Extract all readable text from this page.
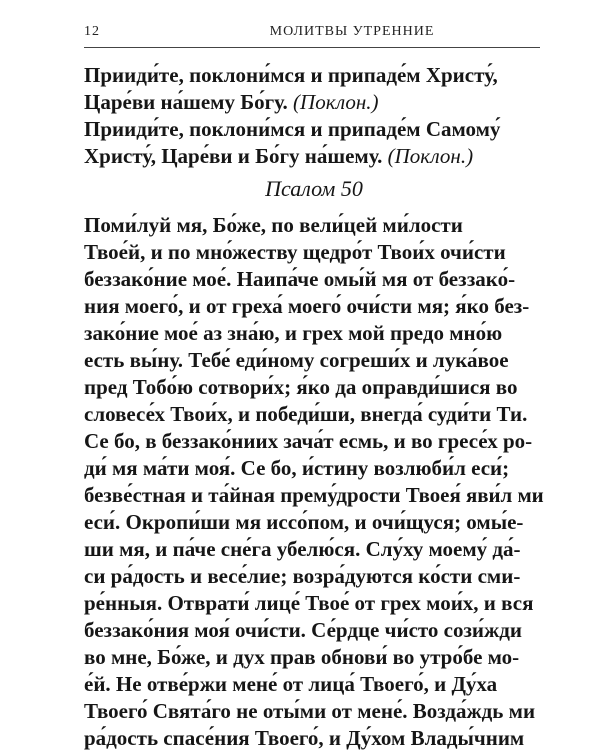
12	МОЛИТВЫ УТРЕННИЕ
Прииди́те, поклони́мся и припаде́м Христу́,
Царе́ви на́шему Бо́гу. (Поклон.)
Прииди́те, поклони́мся и припаде́м Самому́
Христу́, Царе́ви и Бо́гу на́шему. (Поклон.)
Псалом 50
Поми́луй мя, Бо́же, по вели́цей ми́лости
Твое́й, и по мно́жеству щедро́т Твои́х очи́сти
беззако́ние мое́. Наипа́че омы́й мя от беззако́-
ния моего́, и от греха́ моего́ очи́сти мя; я́ко без-
зако́ние мое́ аз зна́ю, и грех мой предо мно́ю
есть вы́ну. Тебе́ еди́ному согреши́х и лука́вое
пред Тобо́ю сотвори́х; я́ко да оправди́шися во
словесе́х Твои́х, и победи́ши, внегда́ суди́ти Ти.
Се бо, в беззако́ниих зача́т есмь, и во гресе́х ро-
ди́ мя ма́ти моя́. Се бо, и́стину возлюби́л еси́;
безве́стная и та́йная прему́дрости Твоея́ яви́л ми
еси́. Окропи́ши мя иссо́пом, и очи́щуся; омы́е-
ши мя, и па́че сне́га убелю́ся. Слу́ху моему́ да́-
си ра́дость и весе́лие; возра́дуются ко́сти сми-
ре́нныя. Отврати́ лице́ Твое́ от грех мои́х, и вся
беззако́ния моя́ очи́сти. Се́рдце чи́сто сози́жди
во мне, Бо́же, и дух прав обнови́ во утро́бе мо-
е́й. Не отве́ржи мене́ от лица́ Твоего́, и Ду́ха
Твоего́ Свята́го не оты́ми от мене́. Возда́ждь ми
ра́дость спасе́ния Твоего́, и Ду́хом Влады́чним
